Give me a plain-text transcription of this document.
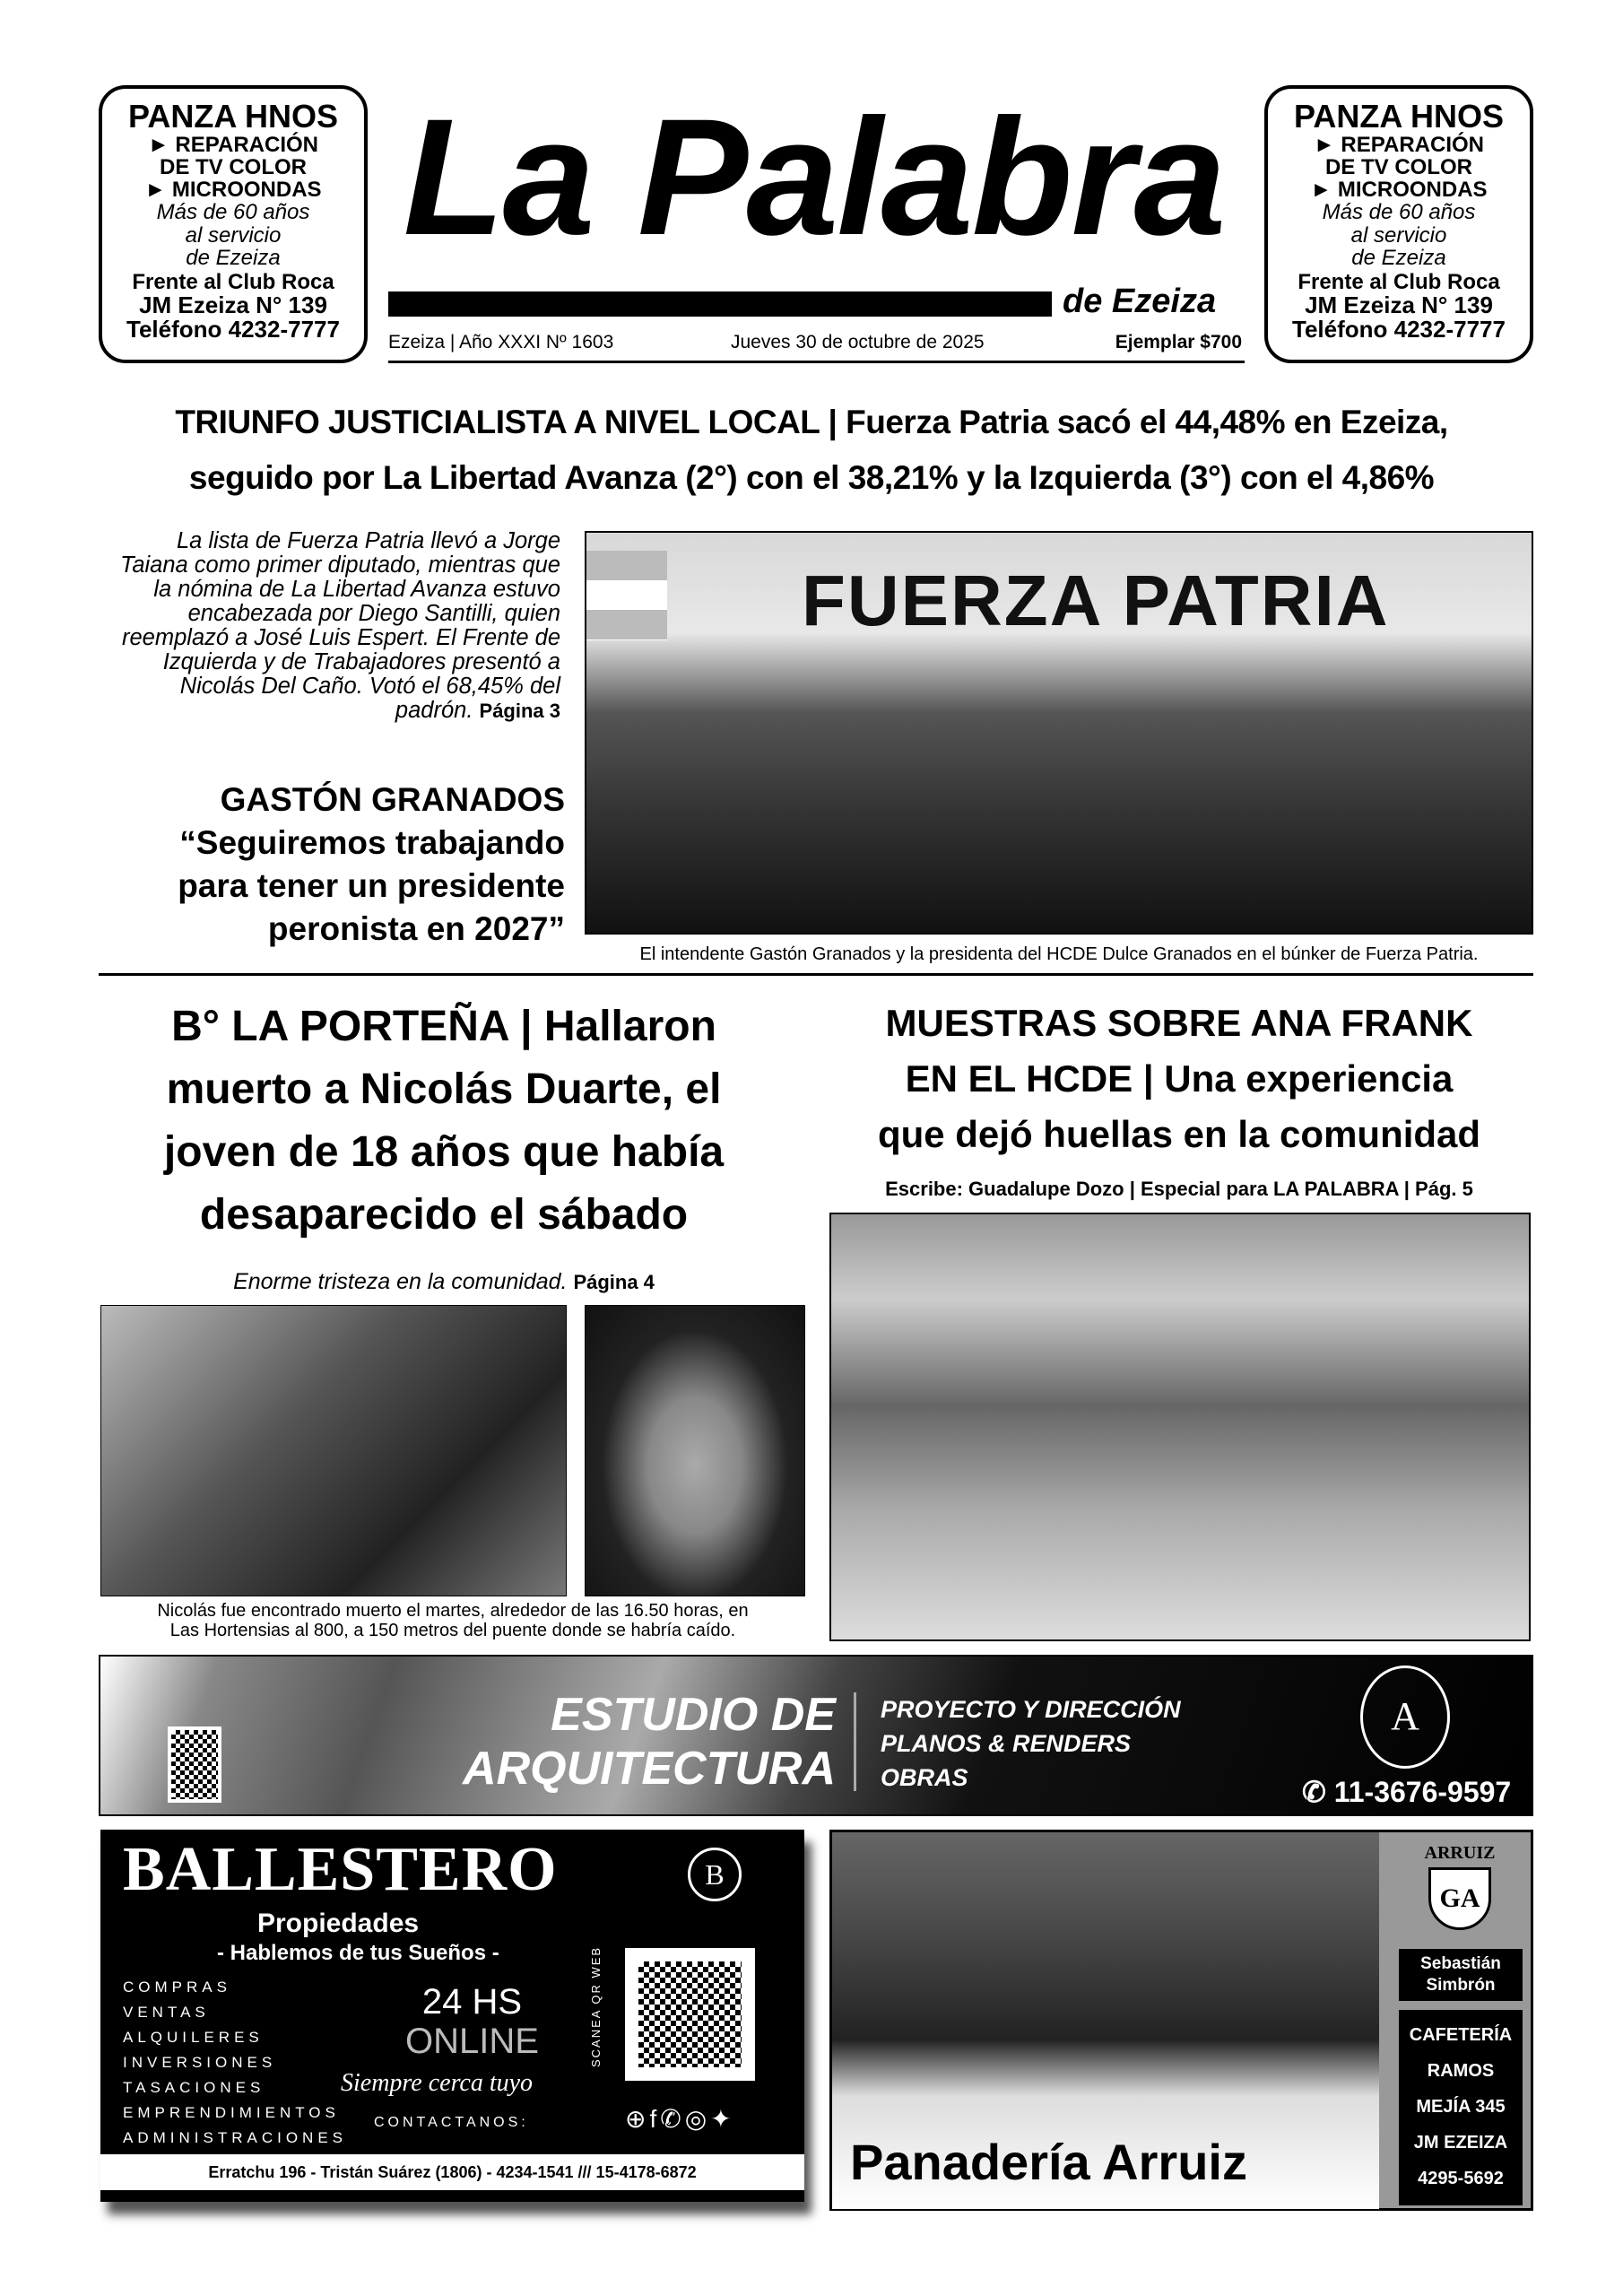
PANZA HNOS
► REPARACIÓN
DE TV COLOR
► MICROONDAS
Más de 60 años
al servicio
de Ezeiza
Frente al Club Roca
JM Ezeiza N° 139
Teléfono 4232-7777
PANZA HNOS
► REPARACIÓN
DE TV COLOR
► MICROONDAS
Más de 60 años
al servicio
de Ezeiza
Frente al Club Roca
JM Ezeiza N° 139
Teléfono 4232-7777
La Palabra
de Ezeiza
Ezeiza | Año XXXI Nº 1603	Jueves 30 de octubre de 2025	Ejemplar $700
TRIUNFO JUSTICIALISTA A NIVEL LOCAL | Fuerza Patria sacó el 44,48% en Ezeiza,
seguido por La Libertad Avanza (2°) con el 38,21% y la Izquierda (3°) con el 4,86%
La lista de Fuerza Patria llevó a Jorge Taiana como primer diputado, mientras que la nómina de La Libertad Avanza estuvo encabezada por Diego Santilli, quien reemplazó a José Luis Espert. El Frente de Izquierda y de Trabajadores presentó a Nicolás Del Caño. Votó el 68,45% del padrón. Página 3
GASTÓN GRANADOS
“Seguiremos trabajando
para tener un presidente
peronista en 2027”
FUERZA PATRIA
El intendente Gastón Granados y la presidenta del HCDE Dulce Granados en el búnker de Fuerza Patria.
B° LA PORTEÑA | Hallaron
muerto a Nicolás Duarte, el
joven de 18 años que había
desaparecido el sábado
Enorme tristeza en la comunidad. Página 4
Nicolás fue encontrado muerto el martes, alrededor de las 16.50 horas, en
Las Hortensias al 800, a 150 metros del puente donde se habría caído.
MUESTRAS SOBRE ANA FRANK
EN EL HCDE | Una experiencia
que dejó huellas en la comunidad
Escribe: Guadalupe Dozo | Especial para LA PALABRA | Pág. 5
ESTUDIO DE
ARQUITECTURA
PROYECTO Y DIRECCIÓN
PLANOS & RENDERS
OBRAS
A
✆ 11-3676-9597
BALLESTERO
Propiedades
B
- Hablemos de tus Sueños -
COMPRAS
VENTAS
ALQUILERES
INVERSIONES
TASACIONES
EMPRENDIMIENTOS
ADMINISTRACIONES
24 HS
ONLINE
Siempre cerca tuyo
SCANEA QR WEB
CONTACTANOS:	⊕f✆◎✦
Erratchu 196 - Tristán Suárez (1806) - 4234-1541 /// 15-4178-6872	Panadería Arruiz
ARRUIZ
GA
Sebastián
Simbrón
CAFETERÍA
RAMOS
MEJÍA 345
JM EZEIZA
4295-5692
